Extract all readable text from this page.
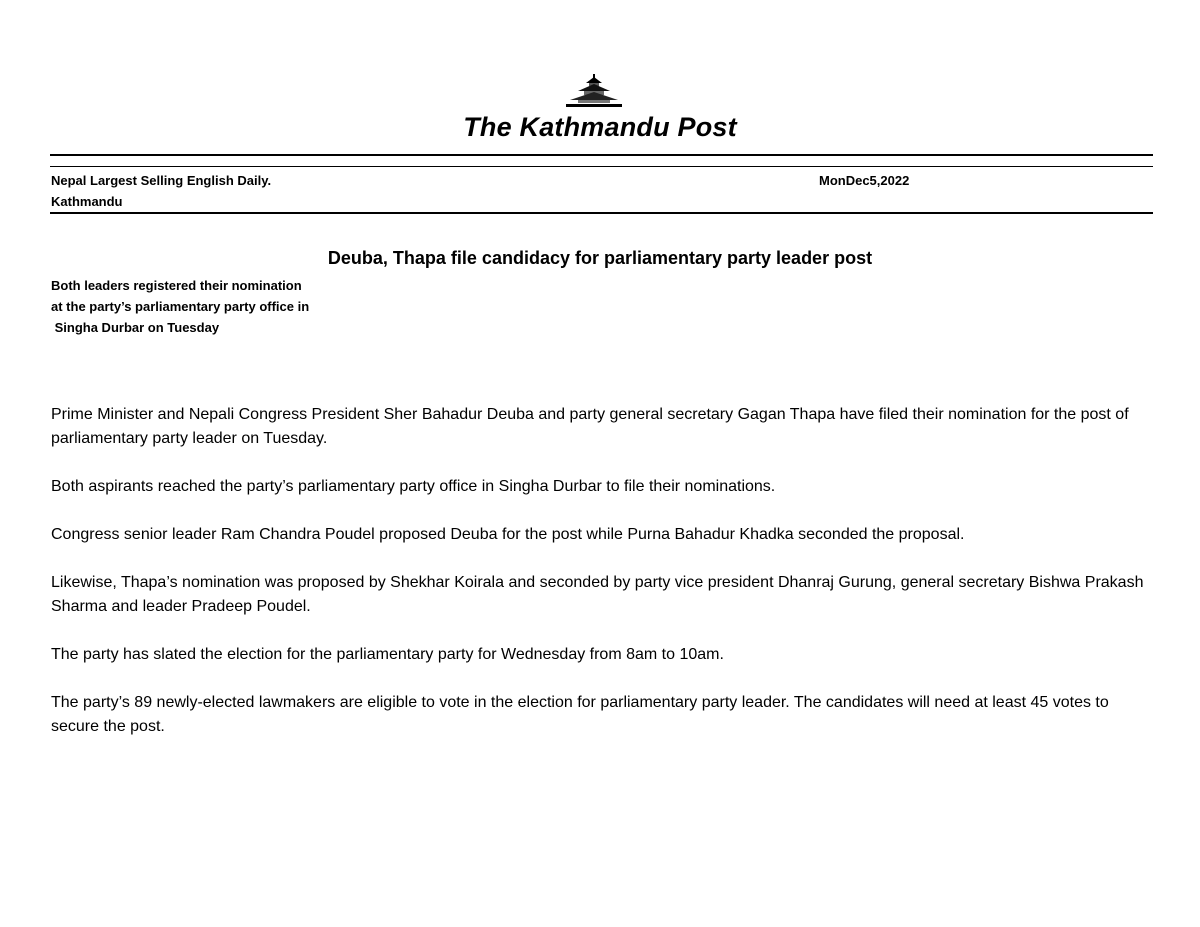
The Kathmandu Post
Nepal Largest Selling English Daily.
Kathmandu
MonDec5,2022
Deuba, Thapa file candidacy for parliamentary party leader post
Both leaders registered their nomination
at the party’s parliamentary party office in
Singha Durbar on Tuesday

Prime Minister and Nepali Congress President Sher Bahadur Deuba and party general secretary Gagan Thapa have filed their nomination for the post of parliamentary party leader on Tuesday.

Both aspirants reached the party’s parliamentary party office in Singha Durbar to file their nominations.

Congress senior leader Ram Chandra Poudel proposed Deuba for the post while Purna Bahadur Khadka seconded the proposal.

Likewise, Thapa’s nomination was proposed by Shekhar Koirala and seconded by party vice president Dhanraj Gurung, general secretary Bishwa Prakash Sharma and leader Pradeep Poudel.

The party has slated the election for the parliamentary party for Wednesday from 8am to 10am.

The party’s 89 newly-elected lawmakers are eligible to vote in the election for parliamentary party leader. The candidates will need at least 45 votes to secure the post.
